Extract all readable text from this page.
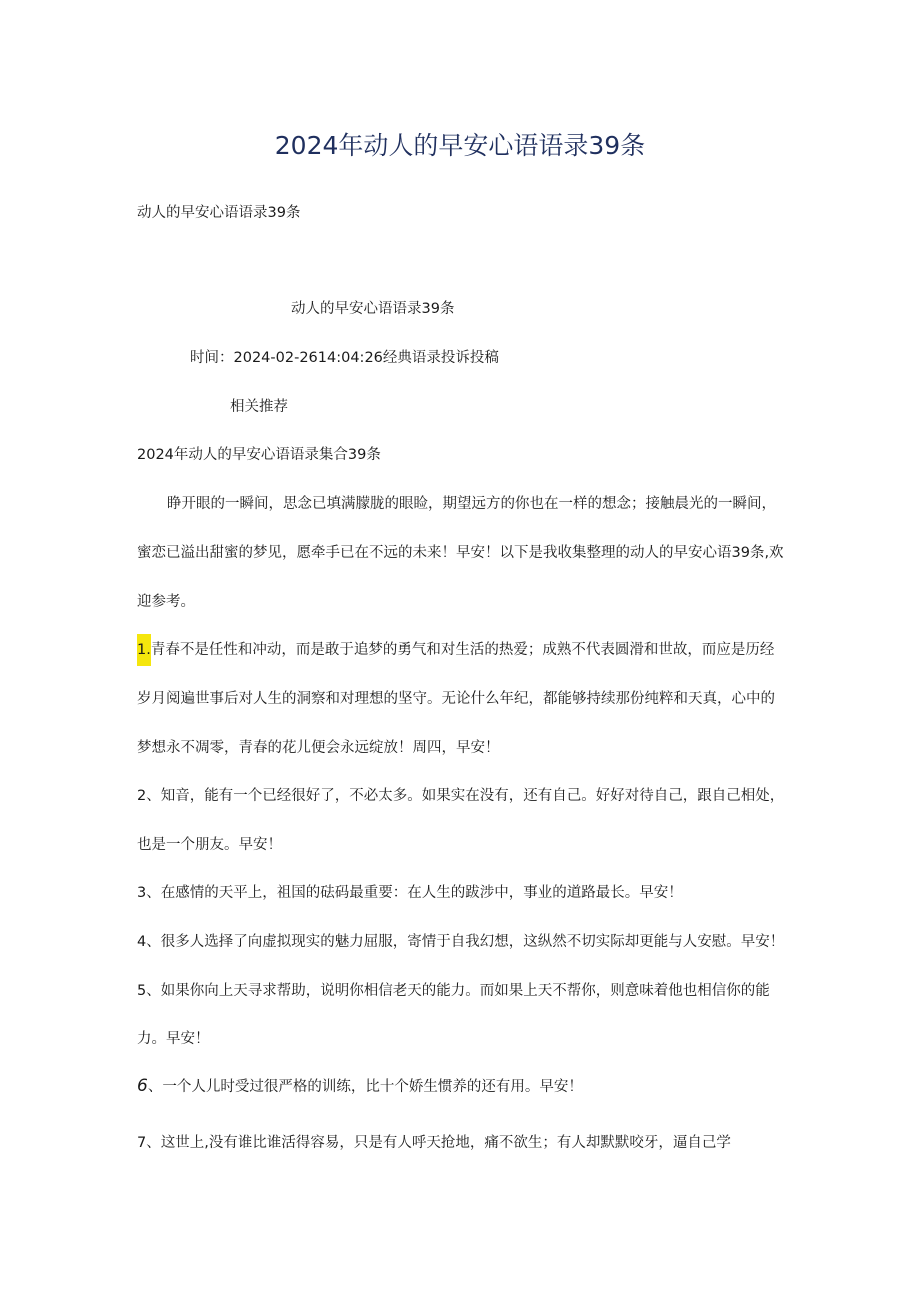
2024年动人的早安心语语录39条
动人的早安心语语录39条
动人的早安心语语录39条
时间：2024-02-2614:04:26经典语录投诉投稿
相关推荐
2024年动人的早安心语语录集合39条
睁开眼的一瞬间，思念已填满朦胧的眼睑，期望远方的你也在一样的想念；接触晨光的一瞬间，
蜜恋已溢出甜蜜的梦见，愿牵手已在不远的未来！早安！以下是我收集整理的动人的早安心语39条,欢
迎参考。
1.青春不是任性和冲动，而是敢于追梦的勇气和对生活的热爱；成熟不代表圆滑和世故，而应是历经
岁月阅遍世事后对人生的洞察和对理想的坚守。无论什么年纪，都能够持续那份纯粹和天真，心中的
梦想永不凋零，青春的花儿便会永远绽放！周四，早安！
2、知音，能有一个已经很好了，不必太多。如果实在没有，还有自己。好好对待自己，跟自己相处，
也是一个朋友。早安！
3、在感情的天平上，祖国的砝码最重要：在人生的跋涉中，事业的道路最长。早安！
4、很多人选择了向虚拟现实的魅力屈服，寄情于自我幻想，这纵然不切实际却更能与人安慰。早安！
5、如果你向上天寻求帮助，说明你相信老天的能力。而如果上天不帮你，则意味着他也相信你的能
力。早安！
6、一个人儿时受过很严格的训练，比十个娇生惯养的还有用。早安！
7、这世上,没有谁比谁活得容易，只是有人呼天抢地，痛不欲生；有人却默默咬牙，逼自己学
